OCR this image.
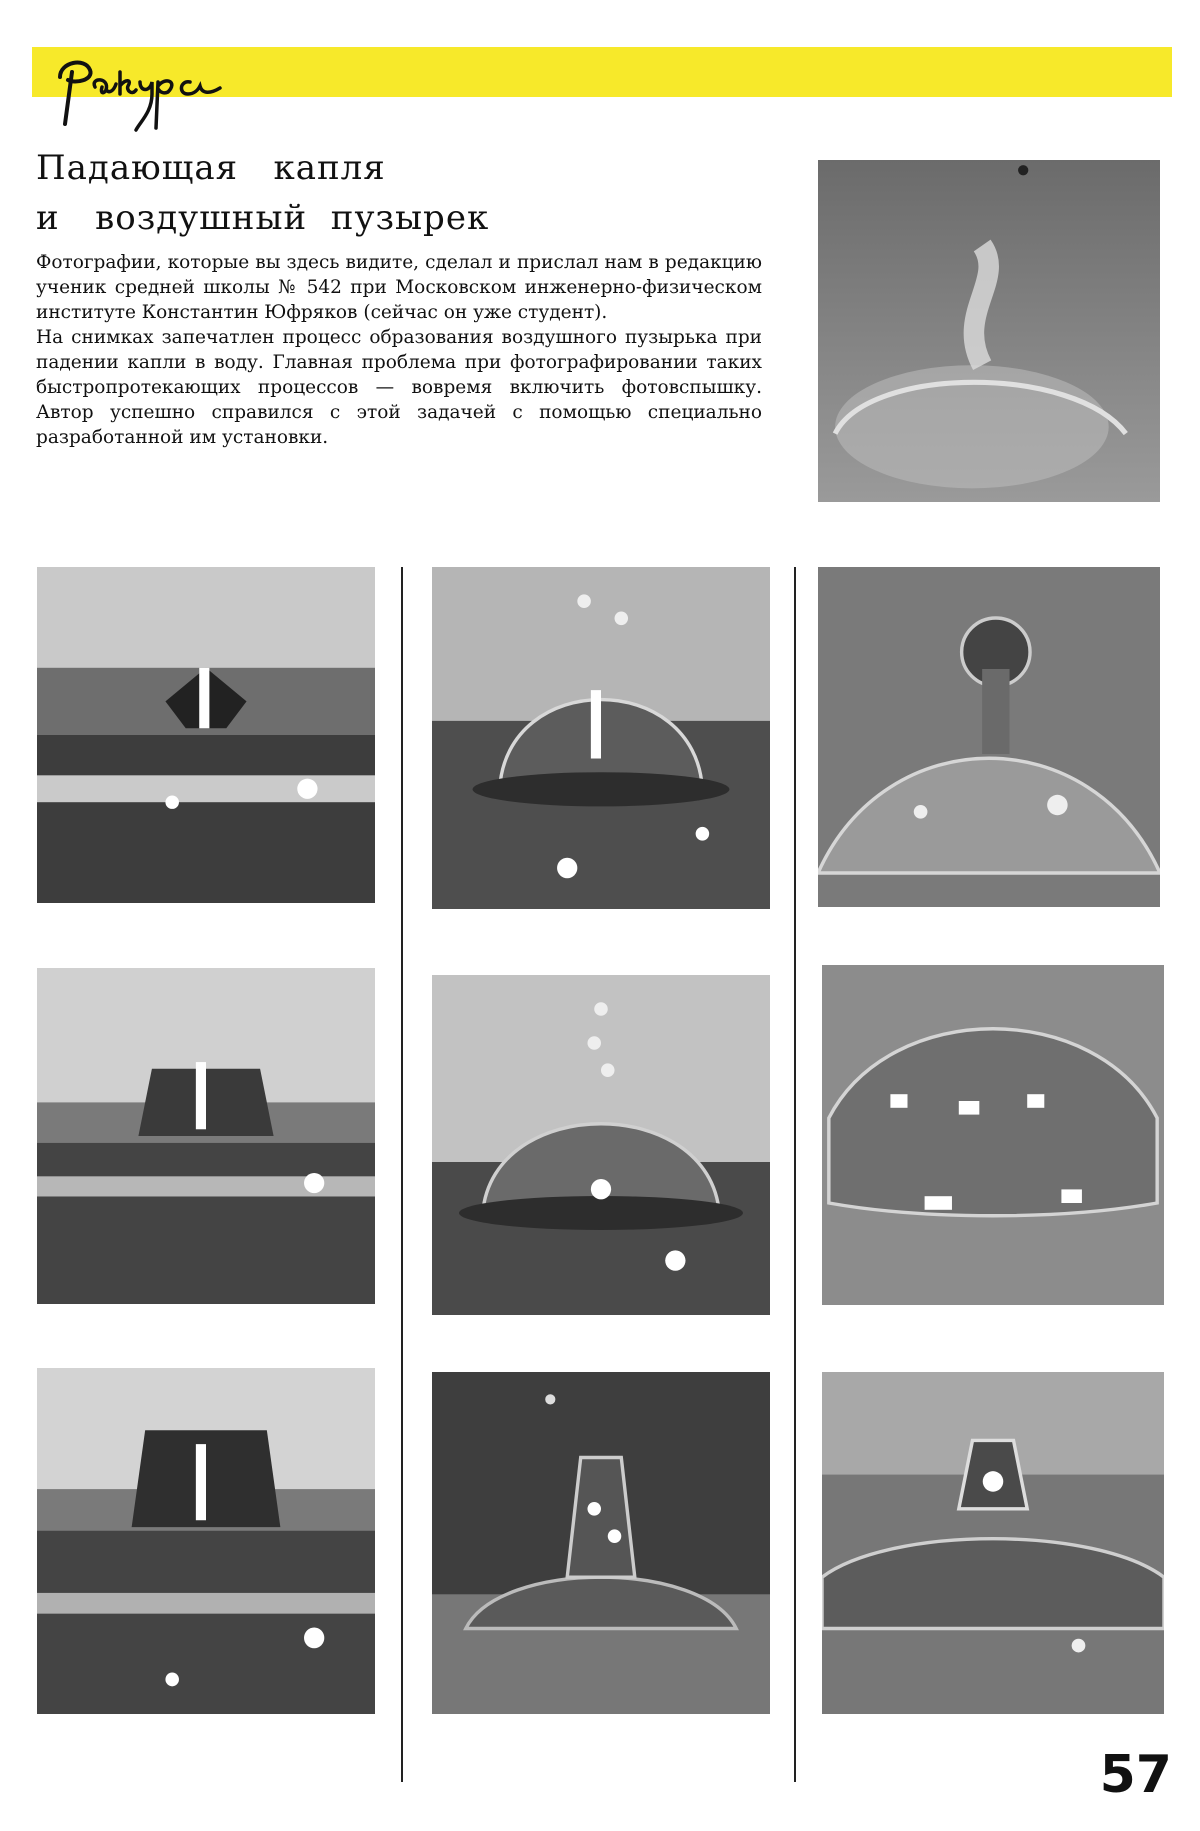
Падающая   капля
и   воздушный  пузырек

Фотографии, которые вы здесь видите, сделал и прислал нам в редакцию ученик средней школы № 542 при Московском инженерно-физическом институте Константин Юфряков (сейчас он уже студент).

На снимках запечатлен процесс образования воздушного пузырька при падении капли в воду. Главная проблема при фотографировании таких быстропротекающих процессов — вовремя включить фотовспышку. Автор успешно справился с этой задачей с помощью специально разработанной им установки.

57
